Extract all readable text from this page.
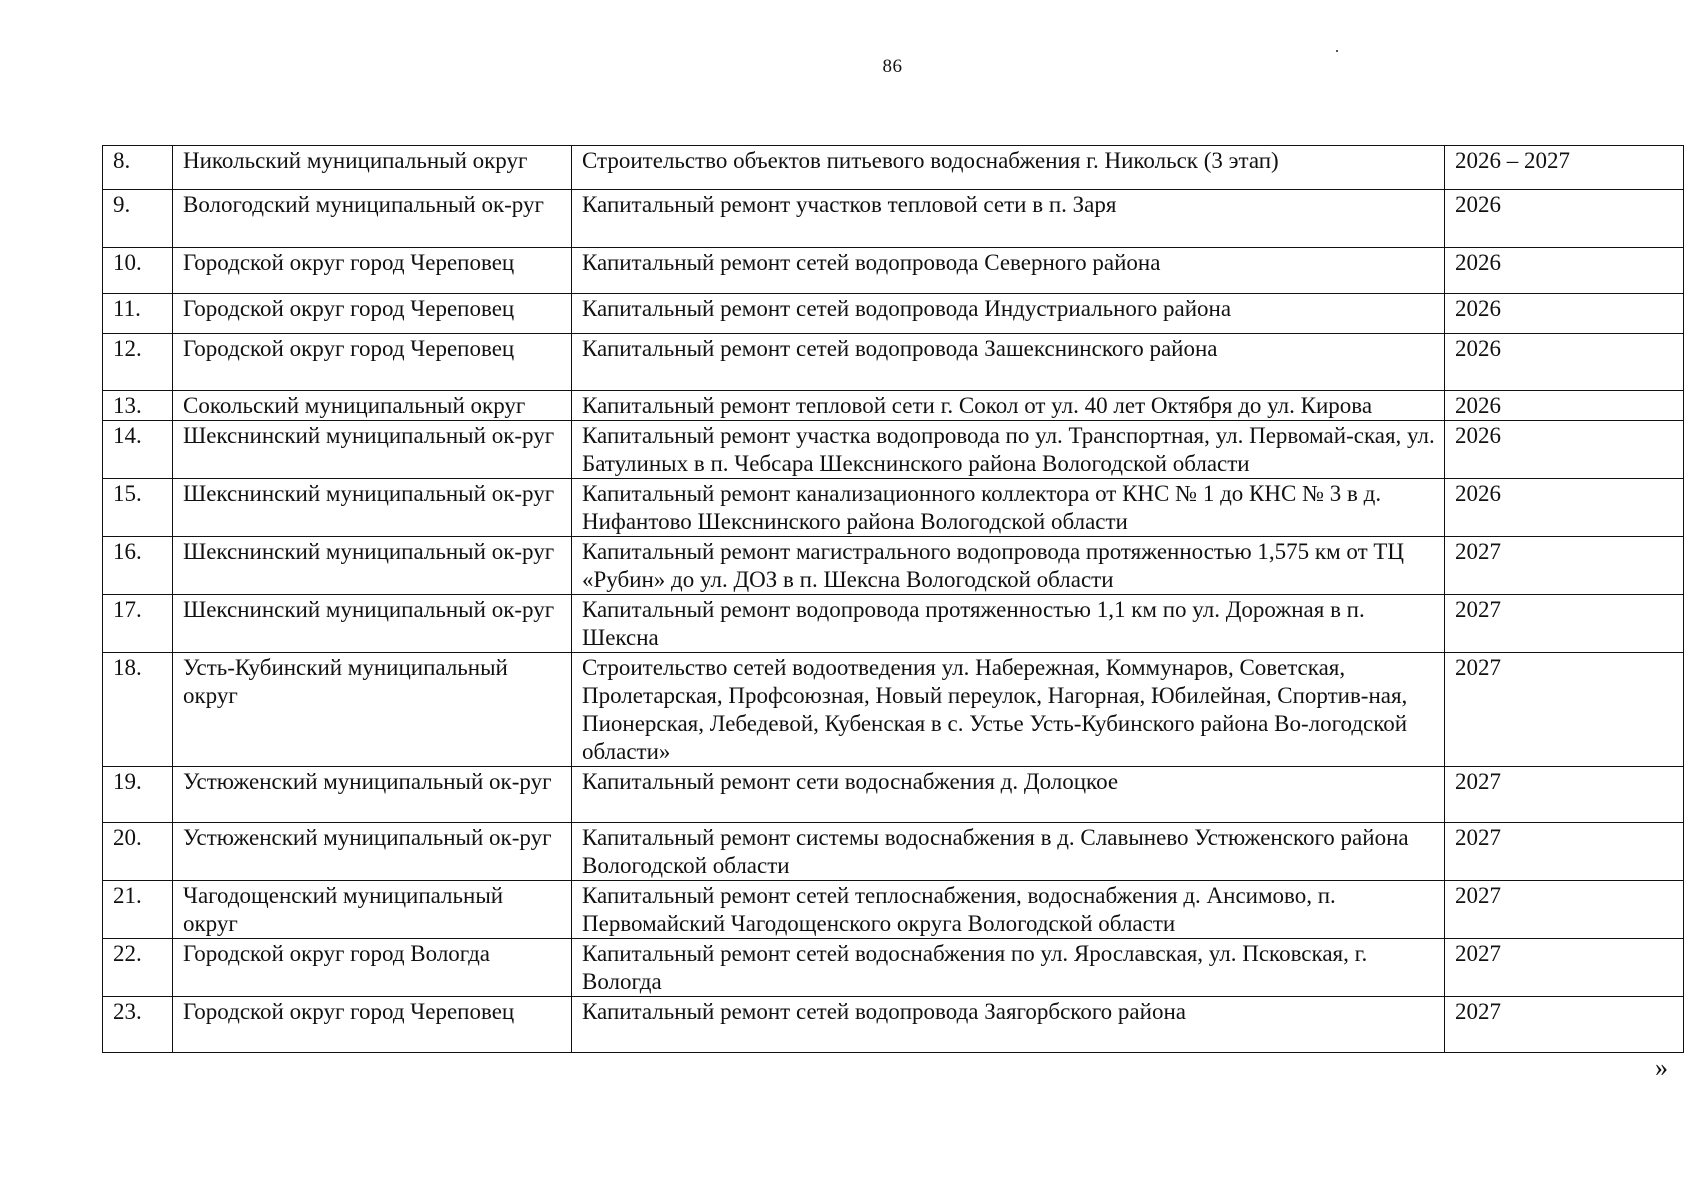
86
8.	Никольский муниципальный округ	Строительство объектов питьевого водоснабжения г. Никольск (3 этап)	2026 – 2027
9.	Вологодский муниципальный ок-руг	Капитальный ремонт участков тепловой сети в п. Заря	2026
10.	Городской округ город Череповец	Капитальный ремонт сетей водопровода Северного района	2026
11.	Городской округ город Череповец	Капитальный ремонт сетей водопровода Индустриального района	2026
12.	Городской округ город Череповец	Капитальный ремонт сетей водопровода Зашекснинского района	2026
13.	Сокольский муниципальный округ	Капитальный ремонт тепловой сети г. Сокол от ул. 40 лет Октября до ул. Кирова	2026
14.	Шекснинский муниципальный ок-руг	Капитальный ремонт участка водопровода по ул. Транспортная, ул. Первомай-ская, ул. Батулиных в п. Чебсара Шекснинского района Вологодской области	2026
15.	Шекснинский муниципальный ок-руг	Капитальный ремонт канализационного коллектора от КНС № 1 до КНС № 3 в д. Нифантово Шекснинского района Вологодской области	2026
16.	Шекснинский муниципальный ок-руг	Капитальный ремонт магистрального водопровода протяженностью 1,575 км от ТЦ «Рубин» до ул. ДОЗ в п. Шексна Вологодской области	2027
17.	Шекснинский муниципальный ок-руг	Капитальный ремонт водопровода протяженностью 1,1 км по ул. Дорожная в п. Шексна	2027
18.	Усть-Кубинский муниципальный округ	Строительство сетей водоотведения ул. Набережная, Коммунаров, Советская, Пролетарская, Профсоюзная, Новый переулок, Нагорная, Юбилейная, Спортив-ная, Пионерская, Лебедевой, Кубенская в с. Устье Усть-Кубинского района Во-логодской области»	2027
19.	Устюженский муниципальный ок-руг	Капитальный ремонт сети водоснабжения д. Долоцкое	2027
20.	Устюженский муниципальный ок-руг	Капитальный ремонт системы водоснабжения в д. Славынево Устюженского района Вологодской области	2027
21.	Чагодощенский муниципальный округ	Капитальный ремонт сетей теплоснабжения, водоснабжения д. Ансимово, п. Первомайский Чагодощенского округа Вологодской области	2027
22.	Городской округ город Вологда	Капитальный ремонт сетей водоснабжения по ул. Ярославская, ул. Псковская, г. Вологда	2027
23.	Городской округ город Череповец	Капитальный ремонт сетей водопровода Заягорбского района	2027
»
